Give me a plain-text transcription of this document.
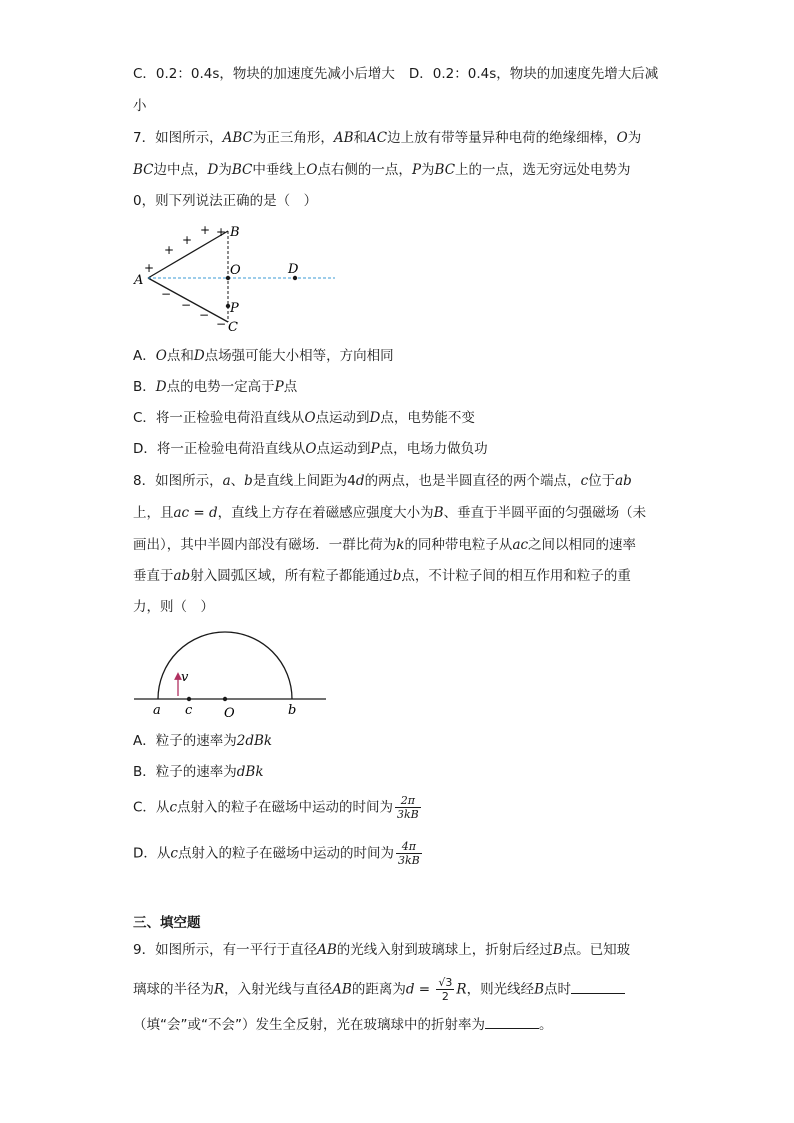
C．0.2：0.4s，物块的加速度先减小后增大 D．0.2：0.4s，物块的加速度先增大后减
小
7．如图所示，ABC为正三角形，AB和AC边上放有带等量异种电荷的绝缘细棒，O为
BC边中点，D为BC中垂线上O点右侧的一点，P为BC上的一点，选无穷远处电势为
0，则下列说法正确的是（　）
+
+
+
+ +
−
−
−
−
A
B
C
O	D
P
A．O点和D点场强可能大小相等，方向相同
B．D点的电势一定高于P点
C．将一正检验电荷沿直线从O点运动到D点，电势能不变
D．将一正检验电荷沿直线从O点运动到P点，电场力做负功
8．如图所示，a、b是直线上间距为4d的两点，也是半圆直径的两个端点，c位于ab
上，且ac = d，直线上方存在着磁感应强度大小为B、垂直于半圆平面的匀强磁场（未
画出），其中半圆内部没有磁场．一群比荷为k的同种带电粒子从ac之间以相同的速率
垂直于ab射入圆弧区域，所有粒子都能通过b点，不计粒子间的相互作用和粒子的重
力，则（　）
v
a c O	b
A．粒子的速率为2dBk
B．粒子的速率为dBk
C．从c点射入的粒子在磁场中运动的时间为 $\frac{2\pi}{3kB}$
D．从c点射入的粒子在磁场中运动的时间为 $\frac{4\pi}{3kB}$
三、填空题
9．如图所示，有一平行于直径AB的光线入射到玻璃球上，折射后经过B点。已知玻
璃球的半径为R，入射光线与直径AB的距离为$d = \frac{√3}{2}$ R，则光线经B点时
（填“会”或“不会”）发生全反射，光在玻璃球中的折射率为	。
